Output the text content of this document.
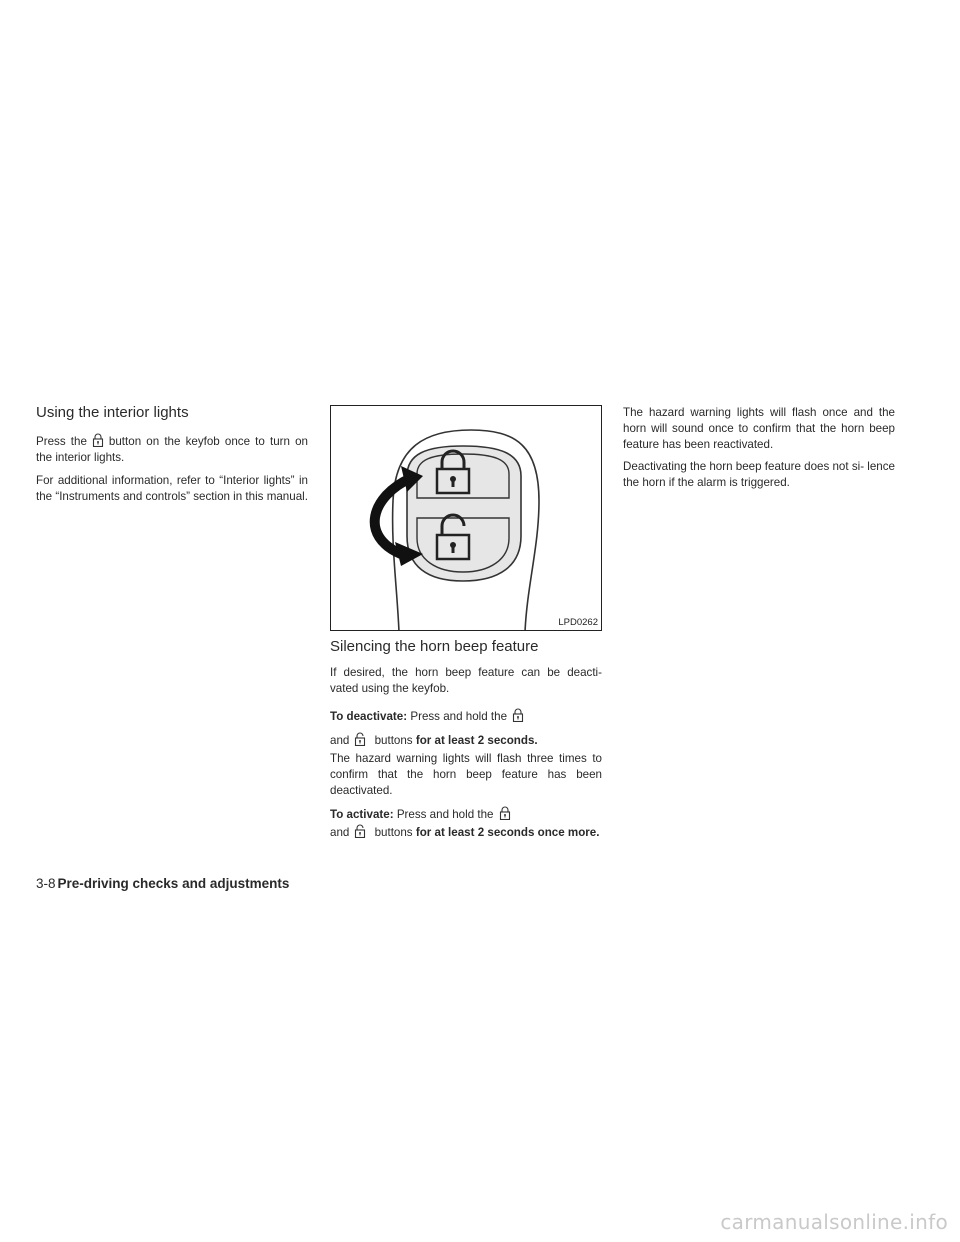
Using the interior lights

Press the button on the keyfob once to turn on the interior lights.

For additional information, refer to “Interior lights” in the “Instruments and controls” section in this manual.

LPD0262
Silencing the horn beep feature

If desired, the horn beep feature can be deacti- vated using the keyfob.

To deactivate: Press and hold the

and buttons for at least 2 seconds.

The hazard warning lights will flash three times to confirm that the horn beep feature has been deactivated.

To activate: Press and hold the

and buttons for at least 2 seconds once more.

The hazard warning lights will flash once and the horn will sound once to confirm that the horn beep feature has been reactivated.

Deactivating the horn beep feature does not si- lence the horn if the alarm is triggered.

3-8 Pre-driving checks and adjustments
carmanualsonline.info
